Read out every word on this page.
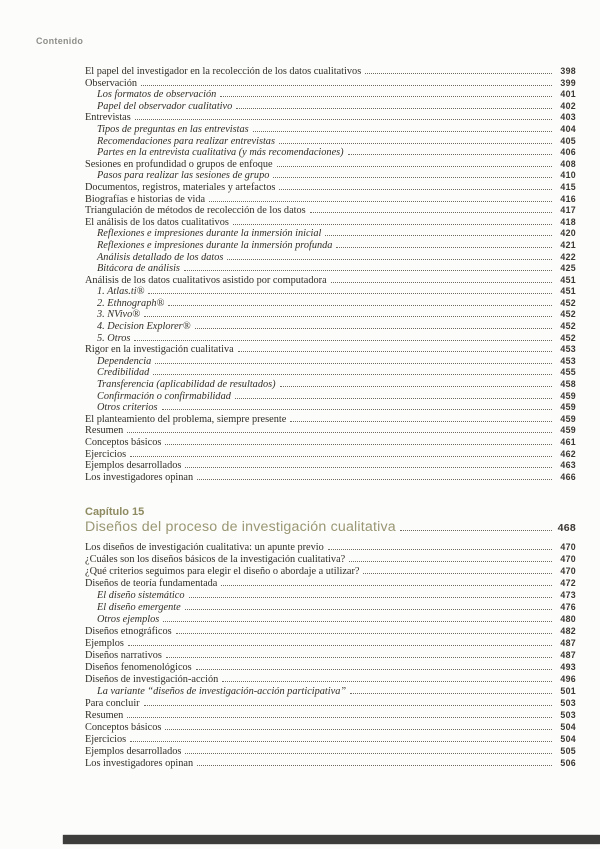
Contenido
El papel del investigador en la recolección de los datos cualitativos	398
Observación	399
Los formatos de observación	401
Papel del observador cualitativo	402
Entrevistas	403
Tipos de preguntas en las entrevistas	404
Recomendaciones para realizar entrevistas	405
Partes en la entrevista cualitativa (y más recomendaciones)	406
Sesiones en profundidad o grupos de enfoque	408
Pasos para realizar las sesiones de grupo	410
Documentos, registros, materiales y artefactos	415
Biografías e historias de vida	416
Triangulación de métodos de recolección de los datos	417
El análisis de los datos cualitativos	418
Reflexiones e impresiones durante la inmersión inicial	420
Reflexiones e impresiones durante la inmersión profunda	421
Análisis detallado de los datos	422
Bitácora de análisis	425
Análisis de los datos cualitativos asistido por computadora	451
1. Atlas.ti®	451
2. Ethnograph®	452
3. NVivo®	452
4. Decision Explorer®	452
5. Otros	452
Rigor en la investigación cualitativa	453
Dependencia	453
Credibilidad	455
Transferencia (aplicabilidad de resultados)	458
Confirmación o confirmabilidad	459
Otros criterios	459
El planteamiento del problema, siempre presente	459
Resumen	459
Conceptos básicos	461
Ejercicios	462
Ejemplos desarrollados	463
Los investigadores opinan	466
Capítulo 15
Diseños del proceso de investigación cualitativa	468
Los diseños de investigación cualitativa: un apunte previo	470
¿Cuáles son los diseños básicos de la investigación cualitativa?	470
¿Qué criterios seguimos para elegir el diseño o abordaje a utilizar?	470
Diseños de teoría fundamentada	472
El diseño sistemático	473
El diseño emergente	476
Otros ejemplos	480
Diseños etnográficos	482
Ejemplos	487
Diseños narrativos	487
Diseños fenomenológicos	493
Diseños de investigación-acción	496
La variante “diseños de investigación-acción participativa”	501
Para concluir	503
Resumen	503
Conceptos básicos	504
Ejercicios	504
Ejemplos desarrollados	505
Los investigadores opinan	506
